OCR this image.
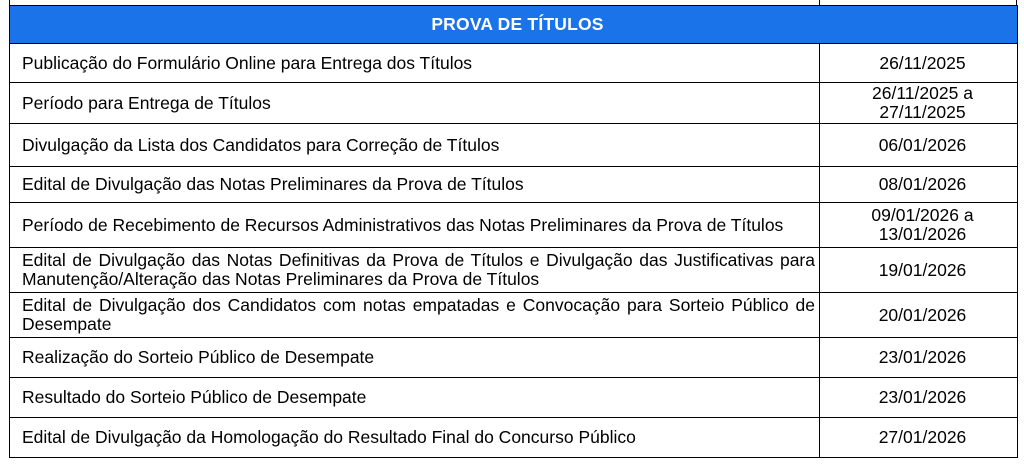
PROVA DE TÍTULOS	
Publicação do Formulário Online para Entrega dos Títulos	26/11/2025
Período para Entrega de Títulos	26/11/2025 a 27/11/2025
Divulgação da Lista dos Candidatos para Correção de Títulos	06/01/2026
Edital de Divulgação das Notas Preliminares da Prova de Títulos	08/01/2026
Período de Recebimento de Recursos Administrativos das Notas Preliminares da Prova de Títulos	09/01/2026 a 13/01/2026
Edital de Divulgação das Notas Definitivas da Prova de Títulos e Divulgação das Justificativas para Manutenção/Alteração das Notas Preliminares da Prova de Títulos	19/01/2026
Edital de Divulgação dos Candidatos com notas empatadas e Convocação para Sorteio Público de Desempate	20/01/2026
Realização do Sorteio Público de Desempate	23/01/2026
Resultado do Sorteio Público de Desempate	23/01/2026
Edital de Divulgação da Homologação do Resultado Final do Concurso Público	27/01/2026
